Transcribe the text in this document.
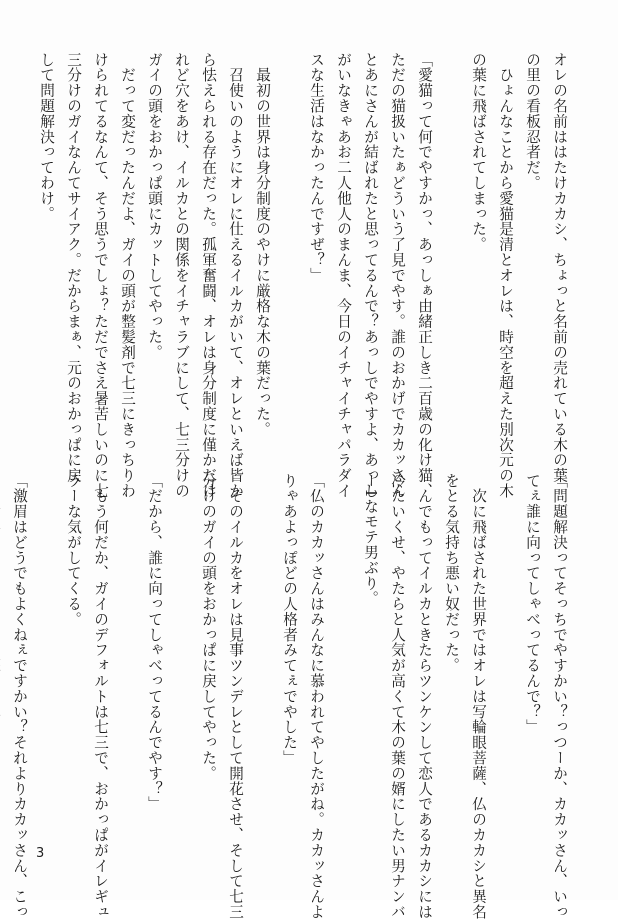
オレの名前ははたけカカシ、ちょっと名前の売れている木の葉

の里の看板忍者だ。

　ひょんなことから愛猫是清とオレは、時空を超えた別次元の木

の葉に飛ばされてしまった。

「愛猫って何でやすかっ、あっしぁ由緒正しき二百歳の化け猫、

ただの猫扱いたぁどういう了見でやす。誰のおかげでカカッさん

とあにさんが結ばれたと思ってるんで？あっしでやすよ、あっし

がいなきゃあお二人他人のまんま、今日のイチャイチャパラダイ

スな生活はなかったんですぜ？」

　最初の世界は身分制度のやけに厳格な木の葉だった。

　召使いのようにオレに仕えるイルカがいて、オレといえば皆か

ら怯えられる存在だった。孤軍奮闘、オレは身分制度に僅かだけ

れど穴をあけ、イルカとの関係をイチャラブにして、七三分けの

ガイの頭をおかっぱ頭にカットしてやった。

　だって変だったんだよ、ガイの頭が整髪剤で七三にきっちりわ

けられてるなんて、そう思うでしょ？ただでさえ暑苦しいのに七

三分けのガイなんてサイアク。だからまぁ、元のおかっぱに戻

して問題解決ってわけ。

「問題解決ってそっちでやすかい？っつーか、カカッさん、いっ

てぇ誰に向ってしゃべってるんで？」

　次に飛ばされた世界ではオレは写輪眼菩薩、仏のカカシと異名

をとる気持ち悪い奴だった。

　んでもってイルカときたらツンケンして恋人であるカカシには

冷たいくせ、やたらと人気が高くて木の葉の婿にしたい男ナンバ

ー1なモテ男ぶり。

「仏のカカッさんはみんなに慕われてやしたがね。カカッさんよ

りゃあよっぽどの人格者みてぇでやした」

　そのイルカをオレは見事ツンデレとして開花させ、そして七三

分けのガイの頭をおかっぱに戻してやった。

「だから、誰に向ってしゃべってるんでやす？」

　もう何だか、ガイのデフォルトは七三で、おかっぱがイレギュ

ラーな気がしてくる。

「激眉はどうでもよくねぇですかい？それよりカカッさん、こっ 3
